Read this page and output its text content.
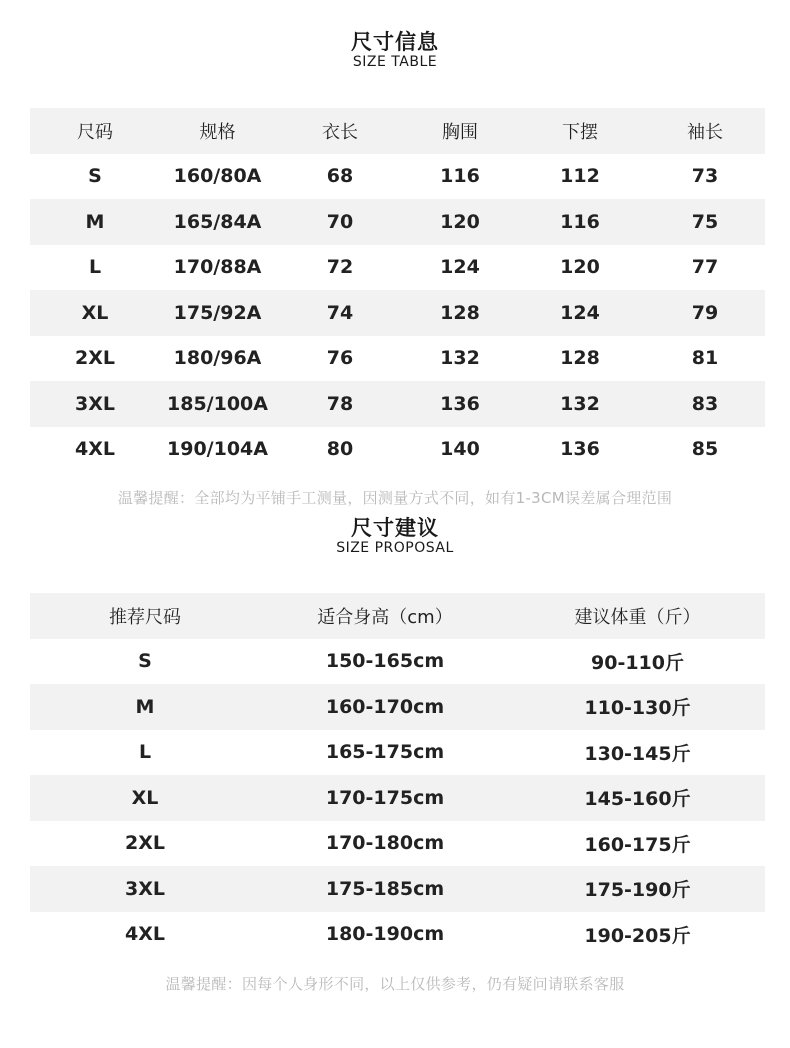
尺寸信息
SIZE TABLE
尺码	规格	衣长	胸围	下摆	袖长
S	160/80A	68	116	112	73
M	165/84A	70	120	116	75
L	170/88A	72	124	120	77
XL	175/92A	74	128	124	79
2XL	180/96A	76	132	128	81
3XL	185/100A	78	136	132	83
4XL	190/104A	80	140	136	85
温馨提醒：全部均为平铺手工测量，因测量方式不同，如有1-3CM误差属合理范围
尺寸建议
SIZE PROPOSAL
推荐尺码	适合身高（cm）	建议体重（斤）
S	150-165cm	90-110斤
M	160-170cm	110-130斤
L	165-175cm	130-145斤
XL	170-175cm	145-160斤
2XL	170-180cm	160-175斤
3XL	175-185cm	175-190斤
4XL	180-190cm	190-205斤
温馨提醒：因每个人身形不同，以上仅供参考，仍有疑问请联系客服
